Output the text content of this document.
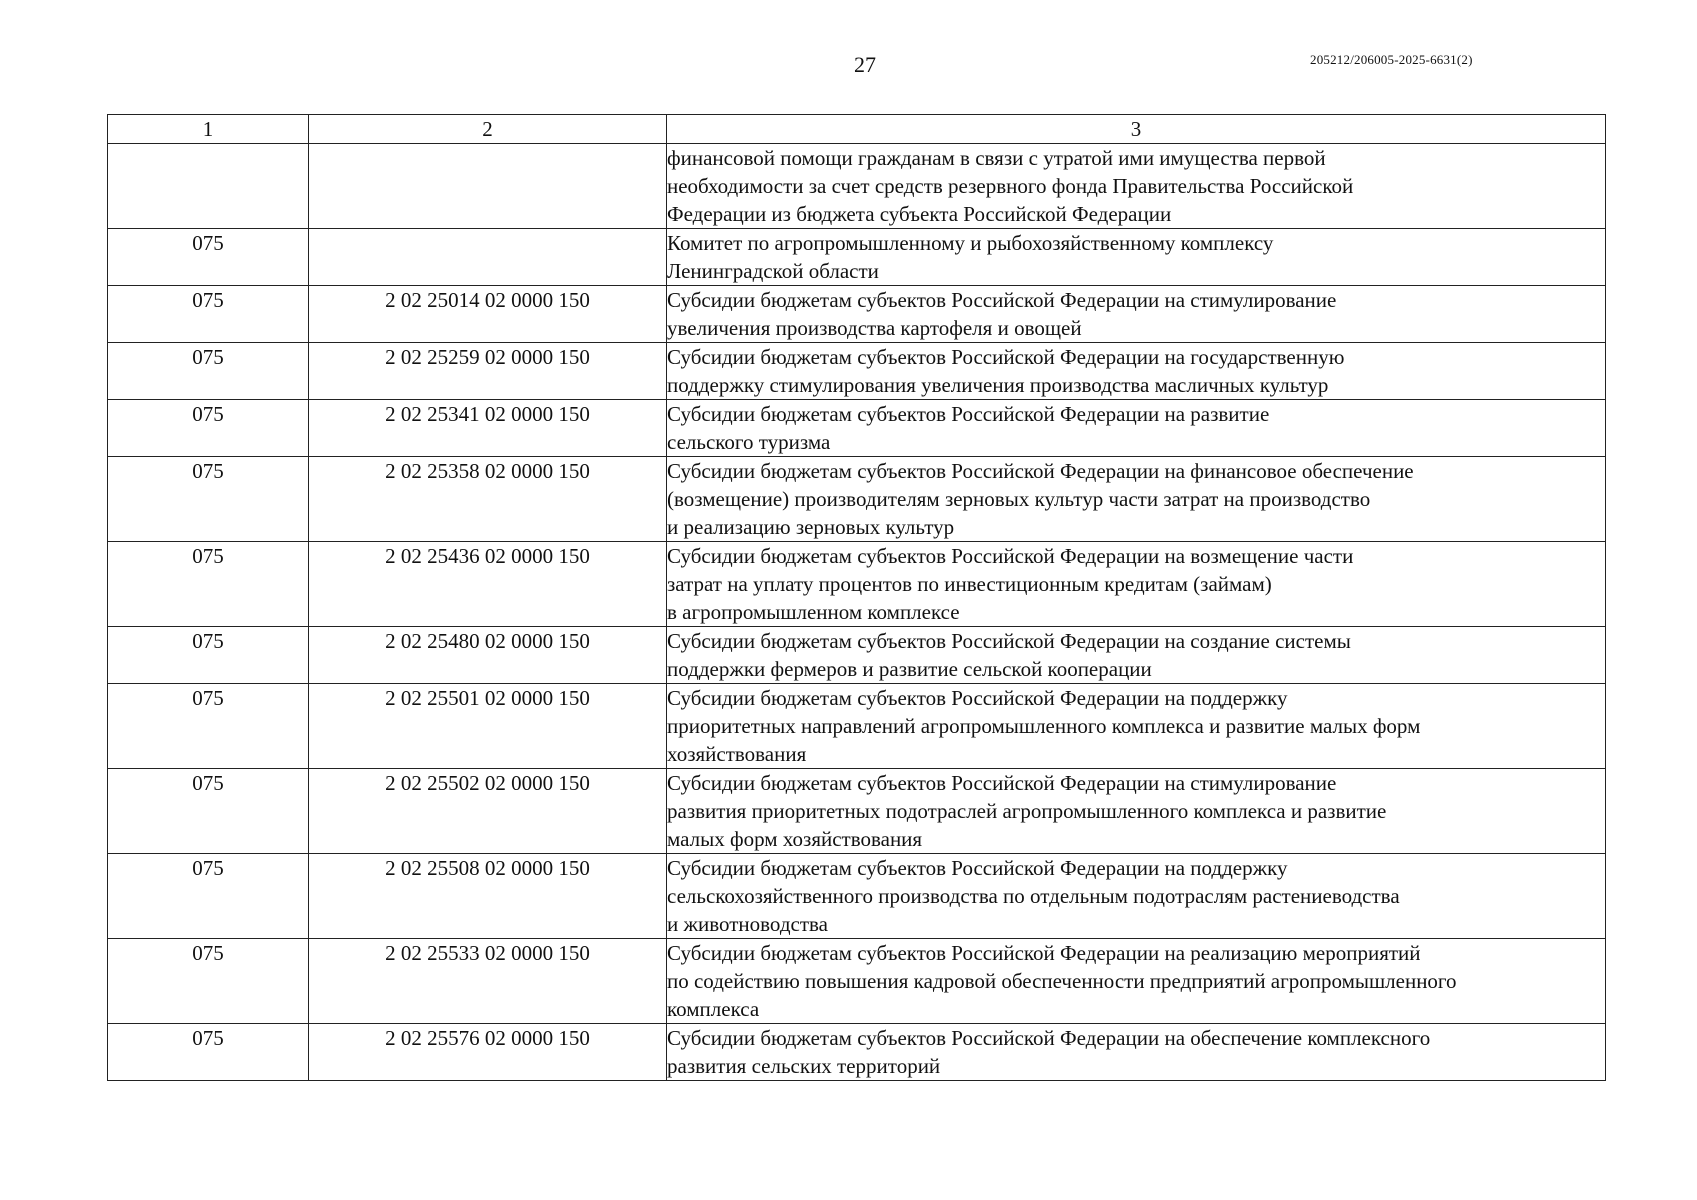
27	205212/206005-2025-6631(2)
1	2	3

		финансовой помощи гражданам в связи с утратой ими имущества первой
необходимости за счет средств резервного фонда Правительства Российской
Федерации из бюджета субъекта Российской Федерации

075		Комитет по агропромышленному и рыбохозяйственному комплексу
Ленинградской области

075	2 02 25014 02 0000 150	Субсидии бюджетам субъектов Российской Федерации на стимулирование
увеличения производства картофеля и овощей

075	2 02 25259 02 0000 150	Субсидии бюджетам субъектов Российской Федерации на государственную
поддержку стимулирования увеличения производства масличных культур

075	2 02 25341 02 0000 150	Субсидии бюджетам субъектов Российской Федерации на развитие
сельского туризма

075	2 02 25358 02 0000 150	Субсидии бюджетам субъектов Российской Федерации на финансовое обеспечение
(возмещение) производителям зерновых культур части затрат на производство
и реализацию зерновых культур

075	2 02 25436 02 0000 150	Субсидии бюджетам субъектов Российской Федерации на возмещение части
затрат на уплату процентов по инвестиционным кредитам (займам)
в агропромышленном комплексе

075	2 02 25480 02 0000 150	Субсидии бюджетам субъектов Российской Федерации на создание системы
поддержки фермеров и развитие сельской кооперации

075	2 02 25501 02 0000 150	Субсидии бюджетам субъектов Российской Федерации на поддержку
приоритетных направлений агропромышленного комплекса и развитие малых форм
хозяйствования

075	2 02 25502 02 0000 150	Субсидии бюджетам субъектов Российской Федерации на стимулирование
развития приоритетных подотраслей агропромышленного комплекса и развитие
малых форм хозяйствования

075	2 02 25508 02 0000 150	Субсидии бюджетам субъектов Российской Федерации на поддержку
сельскохозяйственного производства по отдельным подотраслям растениеводства
и животноводства

075	2 02 25533 02 0000 150	Субсидии бюджетам субъектов Российской Федерации на реализацию мероприятий
по содействию повышения кадровой обеспеченности предприятий агропромышленного
комплекса

075	2 02 25576 02 0000 150	Субсидии бюджетам субъектов Российской Федерации на обеспечение комплексного
развития сельских территорий
